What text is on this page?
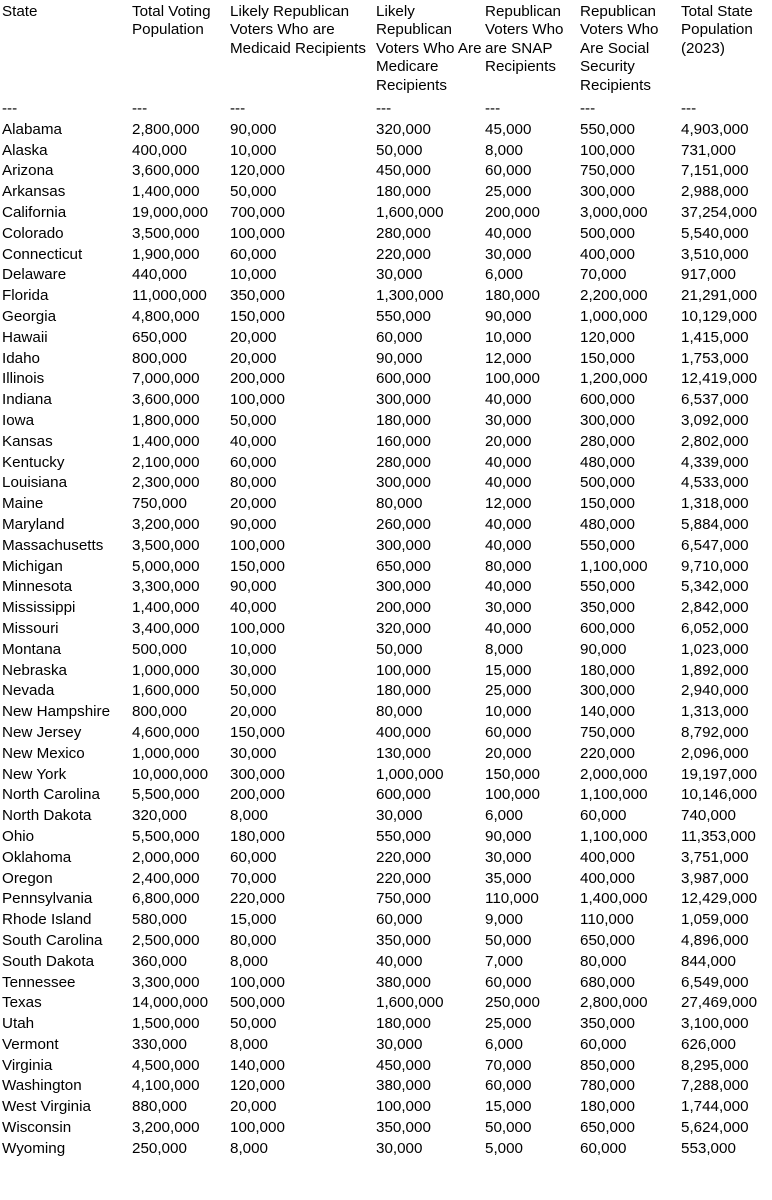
State	Total Voting Population	Likely Republican Voters Who are Medicaid Recipients	Likely Republican Voters Who Are Medicare Recipients	Republican Voters Who are SNAP Recipients	Republican Voters Who Are Social Security Recipients	Total State Population (2023)
---	---	---	---	---	---	---
Alabama	2,800,000	90,000	320,000	45,000	550,000	4,903,000
Alaska	400,000	10,000	50,000	8,000	100,000	731,000
Arizona	3,600,000	120,000	450,000	60,000	750,000	7,151,000
Arkansas	1,400,000	50,000	180,000	25,000	300,000	2,988,000
California	19,000,000	700,000	1,600,000	200,000	3,000,000	37,254,000
Colorado	3,500,000	100,000	280,000	40,000	500,000	5,540,000
Connecticut	1,900,000	60,000	220,000	30,000	400,000	3,510,000
Delaware	440,000	10,000	30,000	6,000	70,000	917,000
Florida	11,000,000	350,000	1,300,000	180,000	2,200,000	21,291,000
Georgia	4,800,000	150,000	550,000	90,000	1,000,000	10,129,000
Hawaii	650,000	20,000	60,000	10,000	120,000	1,415,000
Idaho	800,000	20,000	90,000	12,000	150,000	1,753,000
Illinois	7,000,000	200,000	600,000	100,000	1,200,000	12,419,000
Indiana	3,600,000	100,000	300,000	40,000	600,000	6,537,000
Iowa	1,800,000	50,000	180,000	30,000	300,000	3,092,000
Kansas	1,400,000	40,000	160,000	20,000	280,000	2,802,000
Kentucky	2,100,000	60,000	280,000	40,000	480,000	4,339,000
Louisiana	2,300,000	80,000	300,000	40,000	500,000	4,533,000
Maine	750,000	20,000	80,000	12,000	150,000	1,318,000
Maryland	3,200,000	90,000	260,000	40,000	480,000	5,884,000
Massachusetts	3,500,000	100,000	300,000	40,000	550,000	6,547,000
Michigan	5,000,000	150,000	650,000	80,000	1,100,000	9,710,000
Minnesota	3,300,000	90,000	300,000	40,000	550,000	5,342,000
Mississippi	1,400,000	40,000	200,000	30,000	350,000	2,842,000
Missouri	3,400,000	100,000	320,000	40,000	600,000	6,052,000
Montana	500,000	10,000	50,000	8,000	90,000	1,023,000
Nebraska	1,000,000	30,000	100,000	15,000	180,000	1,892,000
Nevada	1,600,000	50,000	180,000	25,000	300,000	2,940,000
New Hampshire	800,000	20,000	80,000	10,000	140,000	1,313,000
New Jersey	4,600,000	150,000	400,000	60,000	750,000	8,792,000
New Mexico	1,000,000	30,000	130,000	20,000	220,000	2,096,000
New York	10,000,000	300,000	1,000,000	150,000	2,000,000	19,197,000
North Carolina	5,500,000	200,000	600,000	100,000	1,100,000	10,146,000
North Dakota	320,000	8,000	30,000	6,000	60,000	740,000
Ohio	5,500,000	180,000	550,000	90,000	1,100,000	11,353,000
Oklahoma	2,000,000	60,000	220,000	30,000	400,000	3,751,000
Oregon	2,400,000	70,000	220,000	35,000	400,000	3,987,000
Pennsylvania	6,800,000	220,000	750,000	110,000	1,400,000	12,429,000
Rhode Island	580,000	15,000	60,000	9,000	110,000	1,059,000
South Carolina	2,500,000	80,000	350,000	50,000	650,000	4,896,000
South Dakota	360,000	8,000	40,000	7,000	80,000	844,000
Tennessee	3,300,000	100,000	380,000	60,000	680,000	6,549,000
Texas	14,000,000	500,000	1,600,000	250,000	2,800,000	27,469,000
Utah	1,500,000	50,000	180,000	25,000	350,000	3,100,000
Vermont	330,000	8,000	30,000	6,000	60,000	626,000
Virginia	4,500,000	140,000	450,000	70,000	850,000	8,295,000
Washington	4,100,000	120,000	380,000	60,000	780,000	7,288,000
West Virginia	880,000	20,000	100,000	15,000	180,000	1,744,000
Wisconsin	3,200,000	100,000	350,000	50,000	650,000	5,624,000
Wyoming	250,000	8,000	30,000	5,000	60,000	553,000
